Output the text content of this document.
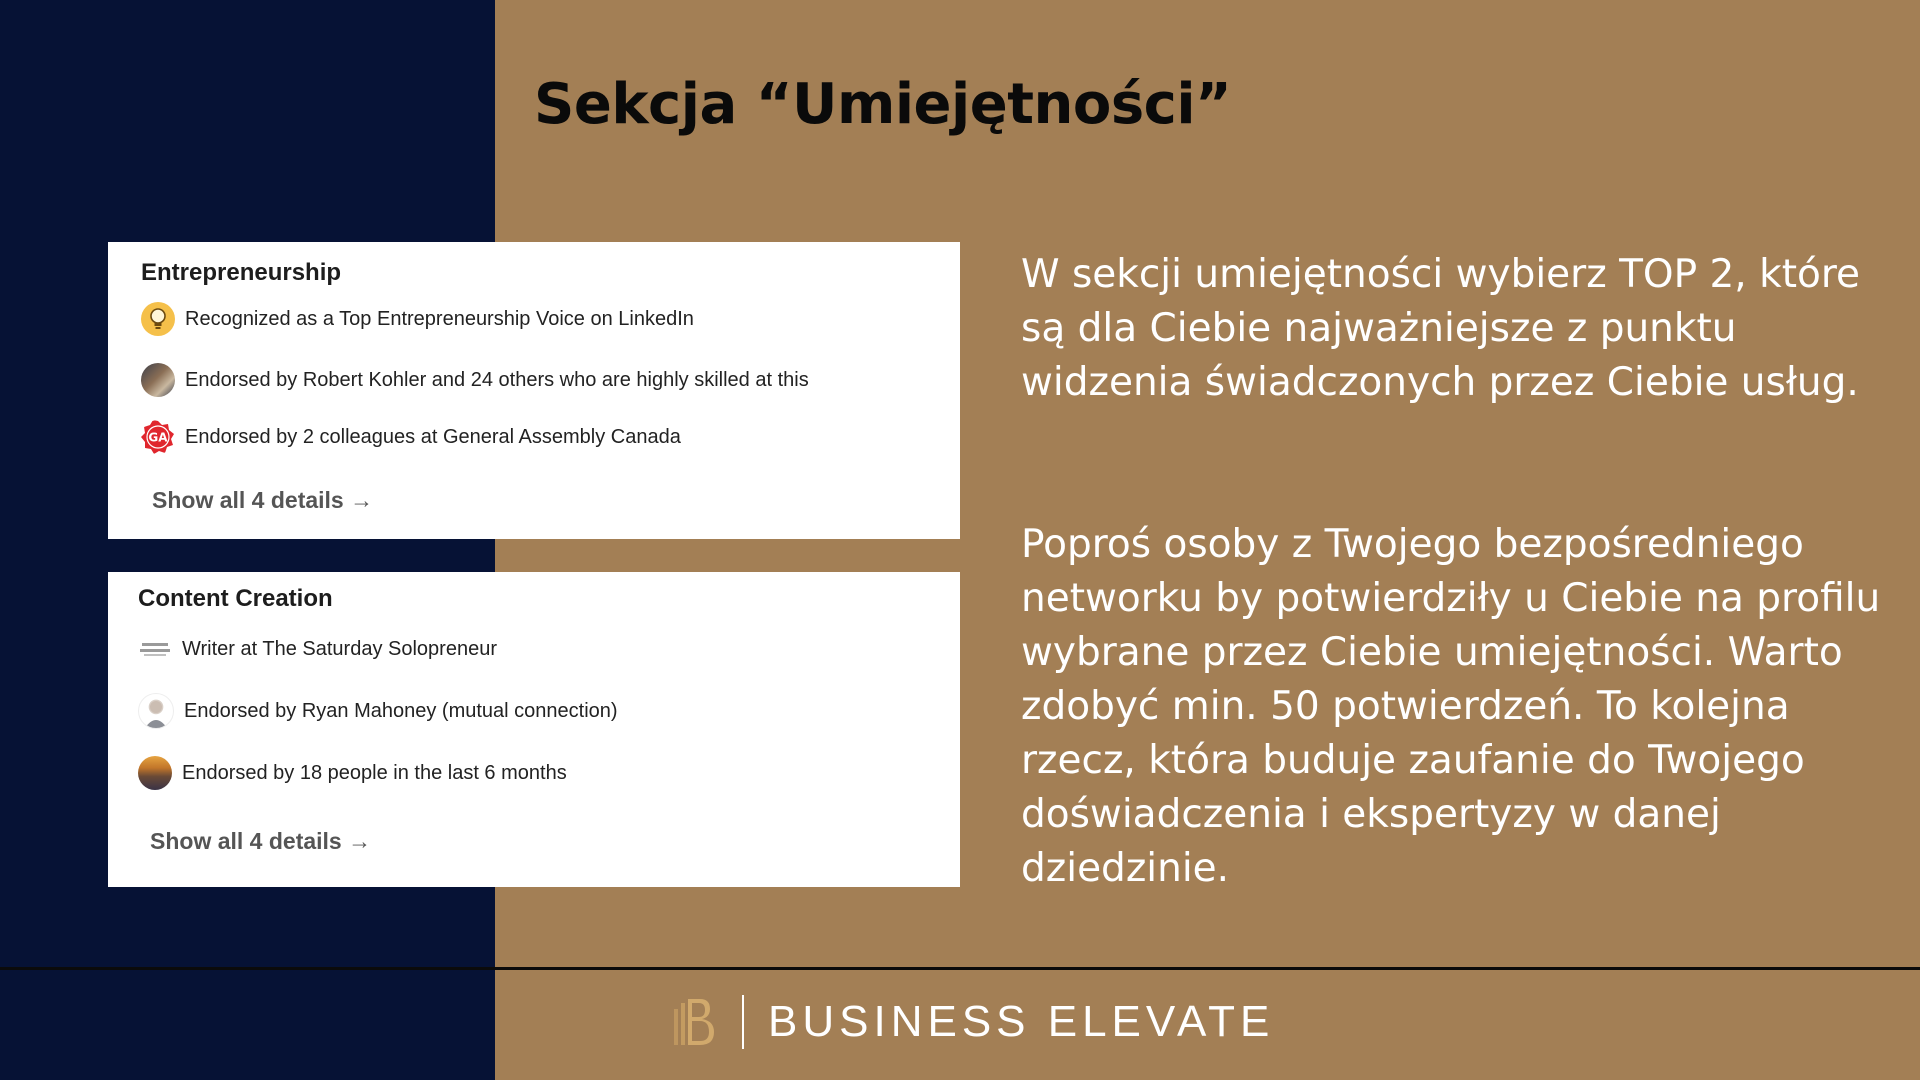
Sekcja “Umiejętności”
Entrepreneurship
Recognized as a Top Entrepreneurship Voice on LinkedIn
Endorsed by Robert Kohler and 24 others who are highly skilled at this
GA Endorsed by 2 colleagues at General Assembly Canada
Show all 4 details →
Content Creation
Writer at The Saturday Solopreneur
Endorsed by Ryan Mahoney (mutual connection)
Endorsed by 18 people in the last 6 months
Show all 4 details →
W sekcji umiejętności wybierz TOP 2, które są dla Ciebie najważniejsze z punktu widzenia świadczonych przez Ciebie usług.
Poproś osoby z Twojego bezpośredniego networku by potwierdziły u Ciebie na profilu wybrane przez Ciebie umiejętności. Warto zdobyć min. 50 potwierdzeń. To kolejna rzecz, która buduje zaufanie do Twojego doświadczenia i ekspertyzy w danej dziedzinie.
BUSINESS ELEVATE
